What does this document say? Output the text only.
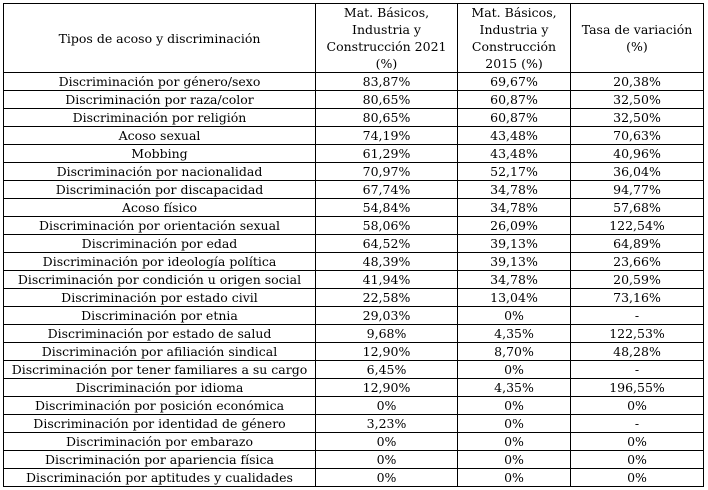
Tipos de acoso y discriminación	Mat. Básicos, Industria y Construcción 2021 (%)	Mat. Básicos, Industria y Construcción 2015 (%)	Tasa de variación (%)
Discriminación por género/sexo	83,87%	69,67%	20,38%
Discriminación por raza/color	80,65%	60,87%	32,50%
Discriminación por religión	80,65%	60,87%	32,50%
Acoso sexual	74,19%	43,48%	70,63%
Mobbing	61,29%	43,48%	40,96%
Discriminación por nacionalidad	70,97%	52,17%	36,04%
Discriminación por discapacidad	67,74%	34,78%	94,77%
Acoso físico	54,84%	34,78%	57,68%
Discriminación por orientación sexual	58,06%	26,09%	122,54%
Discriminación por edad	64,52%	39,13%	64,89%
Discriminación por ideología política	48,39%	39,13%	23,66%
Discriminación por condición u origen social	41,94%	34,78%	20,59%
Discriminación por estado civil	22,58%	13,04%	73,16%
Discriminación por etnia	29,03%	0%	-
Discriminación por estado de salud	9,68%	4,35%	122,53%
Discriminación por afiliación sindical	12,90%	8,70%	48,28%
Discriminación por tener familiares a su cargo	6,45%	0%	-
Discriminación por idioma	12,90%	4,35%	196,55%
Discriminación por posición económica	0%	0%	0%
Discriminación por identidad de género	3,23%	0%	-
Discriminación por embarazo	0%	0%	0%
Discriminación por apariencia física	0%	0%	0%
Discriminación por aptitudes y cualidades	0%	0%	0%
